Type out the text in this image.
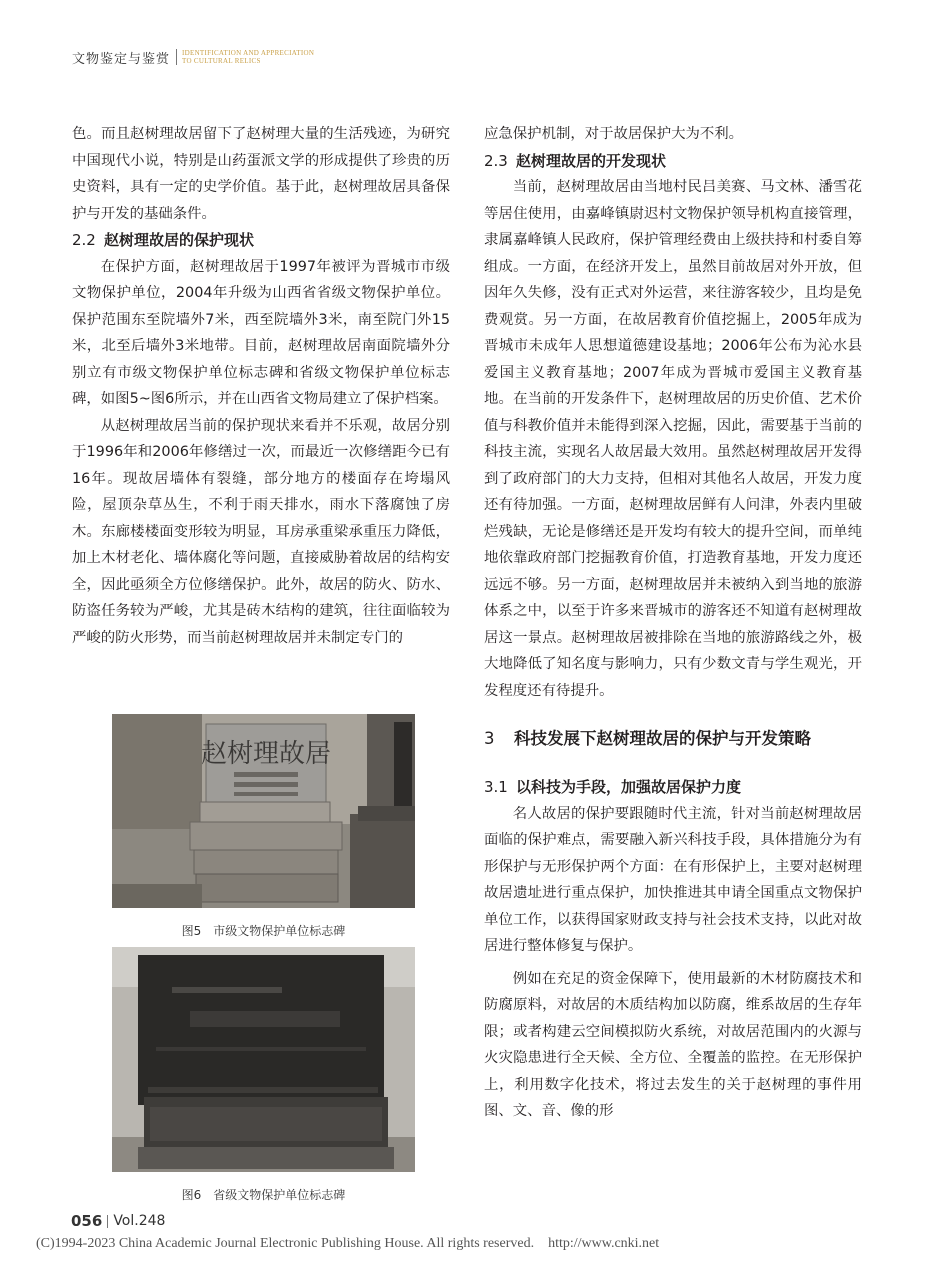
文物鉴定与鉴赏 IDENTIFICATION AND APPRECIATION
TO CULTURAL RELICS

色。而且赵树理故居留下了赵树理大量的生活残迹，为研究中国现代小说，特别是山药蛋派文学的形成提供了珍贵的历史资料，具有一定的史学价值。基于此，赵树理故居具备保护与开发的基础条件。

2.2 赵树理故居的保护现状

在保护方面，赵树理故居于1997年被评为晋城市市级文物保护单位，2004年升级为山西省省级文物保护单位。保护范围东至院墙外7米，西至院墙外3米，南至院门外15米，北至后墙外3米地带。目前，赵树理故居南面院墙外分别立有市级文物保护单位标志碑和省级文物保护单位标志碑，如图5~图6所示，并在山西省文物局建立了保护档案。

从赵树理故居当前的保护现状来看并不乐观，故居分别于1996年和2006年修缮过一次，而最近一次修缮距今已有16年。现故居墙体有裂缝，部分地方的楼面存在垮塌风险，屋顶杂草丛生，不利于雨天排水，雨水下落腐蚀了房木。东廊楼楼面变形较为明显，耳房承重梁承重压力降低，加上木材老化、墙体腐化等问题，直接威胁着故居的结构安全，因此亟须全方位修缮保护。此外，故居的防火、防水、防盗任务较为严峻，尤其是砖木结构的建筑，往往面临较为严峻的防火形势，而当前赵树理故居并未制定专门的

赵树理故居
图5　市级文物保护单位标志碑
图6　省级文物保护单位标志碑

应急保护机制，对于故居保护大为不利。

2.3 赵树理故居的开发现状

当前，赵树理故居由当地村民吕美赛、马文林、潘雪花等居住使用，由嘉峰镇尉迟村文物保护领导机构直接管理，隶属嘉峰镇人民政府，保护管理经费由上级扶持和村委自筹组成。一方面，在经济开发上，虽然目前故居对外开放，但因年久失修，没有正式对外运营，来往游客较少，且均是免费观赏。另一方面，在故居教育价值挖掘上，2005年成为晋城市未成年人思想道德建设基地；2006年公布为沁水县爱国主义教育基地；2007年成为晋城市爱国主义教育基地。在当前的开发条件下，赵树理故居的历史价值、艺术价值与科教价值并未能得到深入挖掘，因此，需要基于当前的科技主流，实现名人故居最大效用。虽然赵树理故居开发得到了政府部门的大力支持，但相对其他名人故居，开发力度还有待加强。一方面，赵树理故居鲜有人问津，外表内里破烂残缺，无论是修缮还是开发均有较大的提升空间，而单纯地依靠政府部门挖掘教育价值，打造教育基地，开发力度还远远不够。另一方面，赵树理故居并未被纳入到当地的旅游体系之中，以至于许多来晋城市的游客还不知道有赵树理故居这一景点。赵树理故居被排除在当地的旅游路线之外，极大地降低了知名度与影响力，只有少数文青与学生观光，开发程度还有待提升。

3 科技发展下赵树理故居的保护与开发策略
3.1 以科技为手段，加强故居保护力度

名人故居的保护要跟随时代主流，针对当前赵树理故居面临的保护难点，需要融入新兴科技手段，具体措施分为有形保护与无形保护两个方面：在有形保护上，主要对赵树理故居遗址进行重点保护，加快推进其申请全国重点文物保护单位工作，以获得国家财政支持与社会技术支持，以此对故居进行整体修复与保护。

例如在充足的资金保障下，使用最新的木材防腐技术和防腐原料，对故居的木质结构加以防腐，维系故居的生存年限；或者构建云空间模拟防火系统，对故居范围内的火源与火灾隐患进行全天候、全方位、全覆盖的监控。在无形保护上，利用数字化技术，将过去发生的关于赵树理的事件用图、文、音、像的形

056 Vol.248
(C)1994-2023 China Academic Journal Electronic Publishing House. All rights reserved.    http://www.cnki.net
